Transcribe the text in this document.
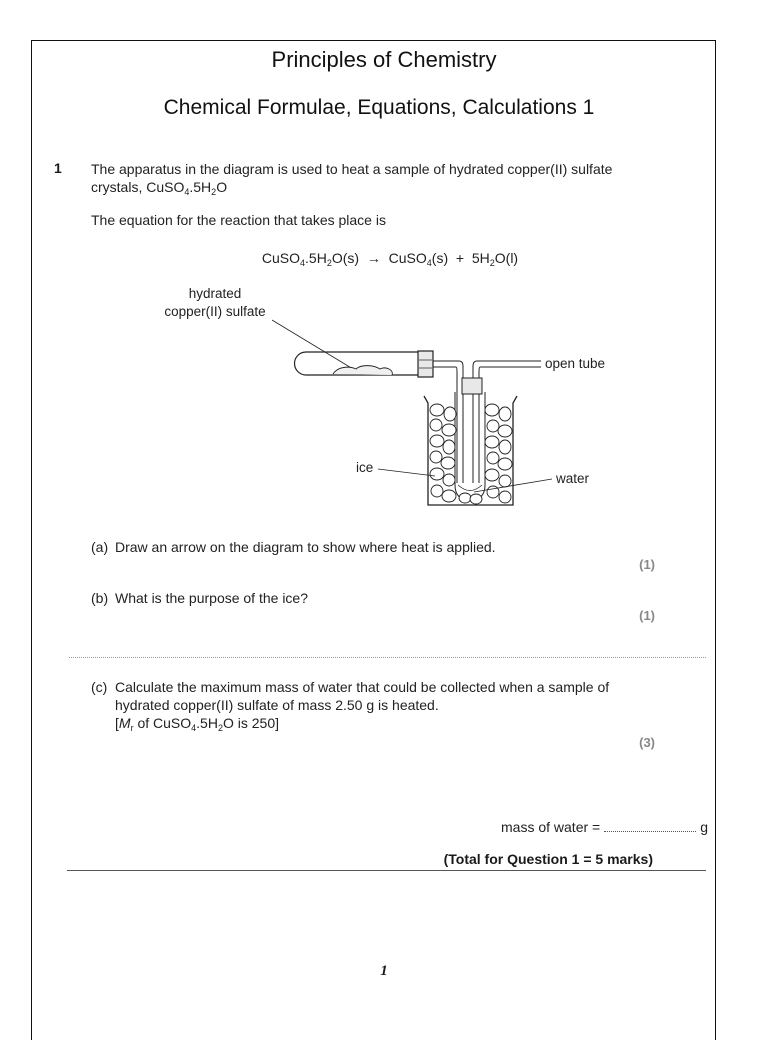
Principles of Chemistry
Chemical Formulae, Equations, Calculations 1
1 The apparatus in the diagram is used to heat a sample of hydrated copper(II) sulfate
crystals, $CuSO_4.5H_2O$
The equation for the reaction that takes place is
$CuSO_4.5H_2O(s)$  →  CuSO$_4$(s)  +  $5H_2O(l)$
hydrated
copper(II) sulfate
open tube
ice
water
(a) Draw an arrow on the diagram to show where heat is applied.
(1)
(b) What is the purpose of the ice?
(1)
(c) Calculate the maximum mass of water that could be collected when a sample of
hydrated copper(II) sulfate of mass 2.50 g is heated.
[$M_r$ of $CuSO_4.5H_2O$ is 250]
(3)
mass of water =	g
(Total for Question 1 = 5 marks)
1
